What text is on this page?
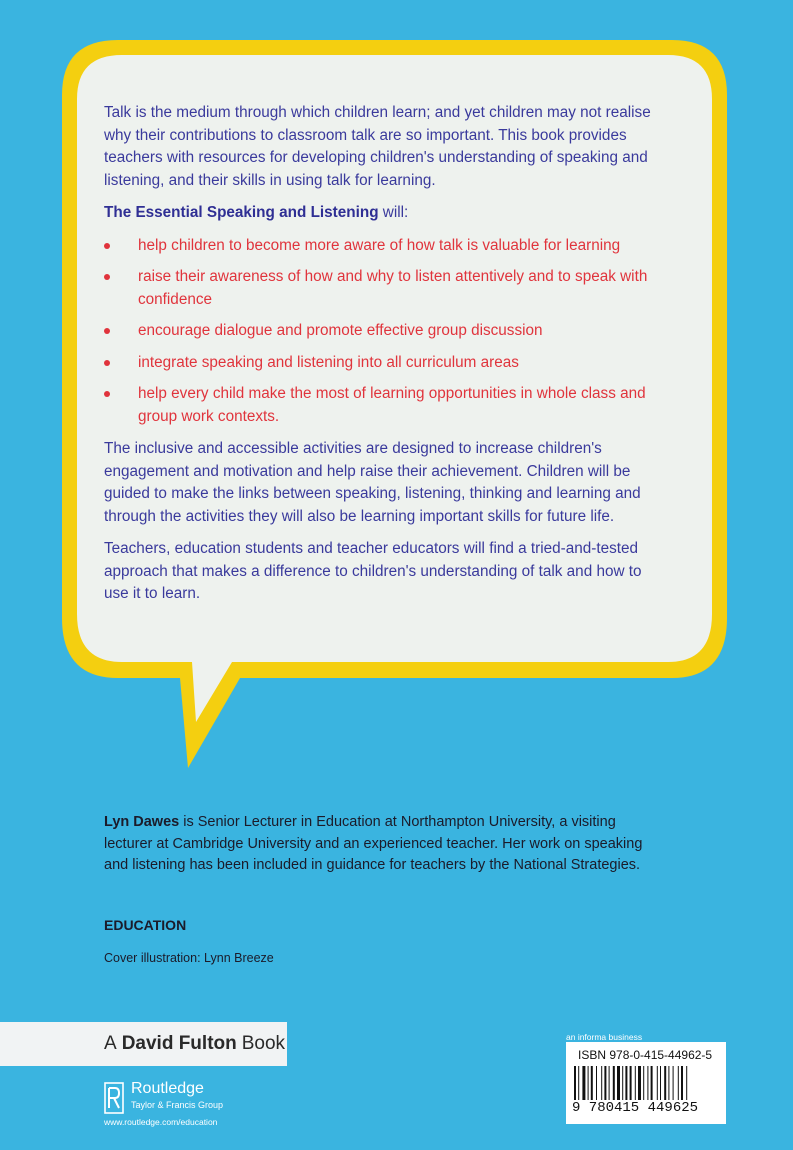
Talk is the medium through which children learn; and yet children may not realise why their contributions to classroom talk are so important. This book provides teachers with resources for developing children's understanding of speaking and listening, and their skills in using talk for learning.

The Essential Speaking and Listening will:

help children to become more aware of how talk is valuable for learning
raise their awareness of how and why to listen attentively and to speak with confidence
encourage dialogue and promote effective group discussion
integrate speaking and listening into all curriculum areas
help every child make the most of learning opportunities in whole class and group work contexts.

The inclusive and accessible activities are designed to increase children's engagement and motivation and help raise their achievement. Children will be guided to make the links between speaking, listening, thinking and learning and through the activities they will also be learning important skills for future life.

Teachers, education students and teacher educators will find a tried-and-tested approach that makes a difference to children's understanding of talk and how to use it to learn.

Lyn Dawes is Senior Lecturer in Education at Northampton University, a visiting lecturer at Cambridge University and an experienced teacher. Her work on speaking and listening has been included in guidance for teachers by the National Strategies.
EDUCATION
Cover illustration: Lynn Breeze
A David Fulton Book
Routledge
Taylor & Francis Group
www.routledge.com/education
an informa business
ISBN 978-0-415-44962-5
9 780415 449625
